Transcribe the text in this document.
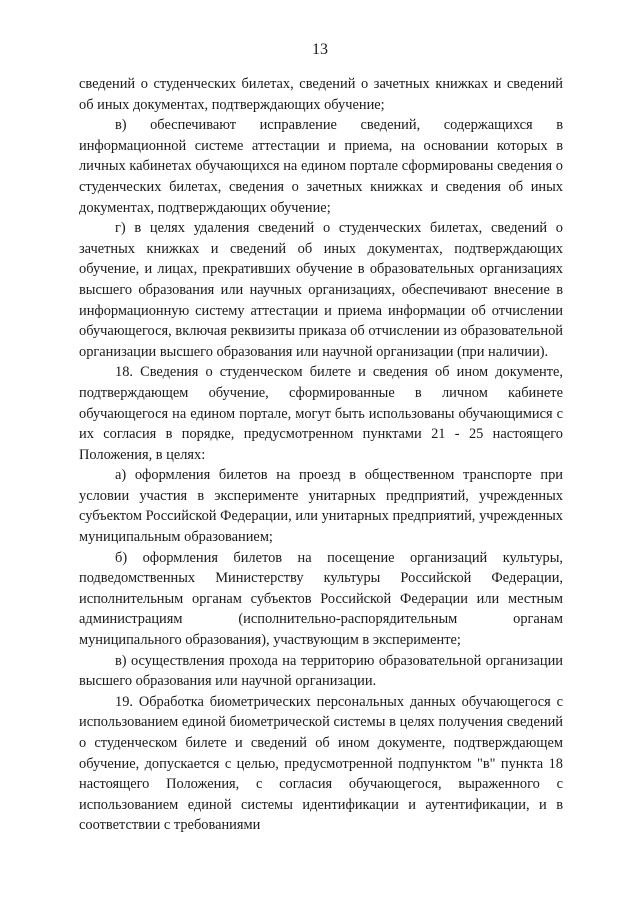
13

сведений о студенческих билетах, сведений о зачетных книжках и сведений об иных документах, подтверждающих обучение;

в) обеспечивают исправление сведений, содержащихся в информационной системе аттестации и приема, на основании которых в личных кабинетах обучающихся на едином портале сформированы сведения о студенческих билетах, сведения о зачетных книжках и сведения об иных документах, подтверждающих обучение;

г) в целях удаления сведений о студенческих билетах, сведений о зачетных книжках и сведений об иных документах, подтверждающих обучение, и лицах, прекративших обучение в образовательных организациях высшего образования или научных организациях, обеспечивают внесение в информационную систему аттестации и приема информации об отчислении обучающегося, включая реквизиты приказа об отчислении из образовательной организации высшего образования или научной организации (при наличии).

18. Сведения о студенческом билете и сведения об ином документе, подтверждающем обучение, сформированные в личном кабинете обучающегося на едином портале, могут быть использованы обучающимися с их согласия в порядке, предусмотренном пунктами 21 - 25 настоящего Положения, в целях:

а) оформления билетов на проезд в общественном транспорте при условии участия в эксперименте унитарных предприятий, учрежденных субъектом Российской Федерации, или унитарных предприятий, учрежденных муниципальным образованием;

б) оформления билетов на посещение организаций культуры, подведомственных Министерству культуры Российской Федерации, исполнительным органам субъектов Российской Федерации или местным администрациям (исполнительно-распорядительным органам муниципального образования), участвующим в эксперименте;

в) осуществления прохода на территорию образовательной организации высшего образования или научной организации.

19. Обработка биометрических персональных данных обучающегося с использованием единой биометрической системы в целях получения сведений о студенческом билете и сведений об ином документе, подтверждающем обучение, допускается с целью, предусмотренной подпунктом "в" пункта 18 настоящего Положения, с согласия обучающегося, выраженного с использованием единой системы идентификации и аутентификации, и в соответствии с требованиями
